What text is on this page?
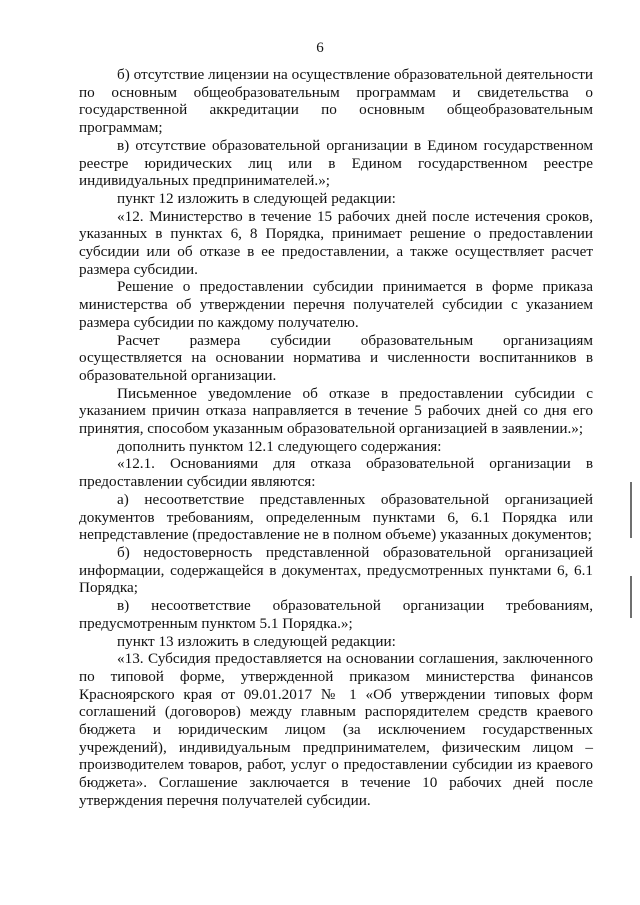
6

б) отсутствие лицензии на осуществление образовательной деятельности по основным общеобразовательным программам и свидетельства о государственной аккредитации по основным общеобразовательным программам;

в) отсутствие образовательной организации в Едином государственном реестре юридических лиц или в Едином государственном реестре индивидуальных предпринимателей.»;

пункт 12 изложить в следующей редакции:

«12. Министерство в течение 15 рабочих дней после истечения сроков, указанных в пунктах 6, 8 Порядка, принимает решение о предоставлении субсидии или об отказе в ее предоставлении, а также осуществляет расчет размера субсидии.

Решение о предоставлении субсидии принимается в форме приказа министерства об утверждении перечня получателей субсидии с указанием размера субсидии по каждому получателю.

Расчет размера субсидии образовательным организациям осуществляется на основании норматива и численности воспитанников в образовательной организации.

Письменное уведомление об отказе в предоставлении субсидии с указанием причин отказа направляется в течение 5 рабочих дней со дня его принятия, способом указанным образовательной организацией в заявлении.»;

дополнить пунктом 12.1 следующего содержания:

«12.1. Основаниями для отказа образовательной организации в предоставлении субсидии являются:

а) несоответствие представленных образовательной организацией документов требованиям, определенным пунктами 6, 6.1 Порядка или непредставление (предоставление не в полном объеме) указанных документов;

б) недостоверность представленной образовательной организацией информации, содержащейся в документах, предусмотренных пунктами 6, 6.1 Порядка;

в) несоответствие образовательной организации требованиям, предусмотренным пунктом 5.1 Порядка.»;

пункт 13 изложить в следующей редакции:

«13. Субсидия предоставляется на основании соглашения, заключенного по типовой форме, утвержденной приказом министерства финансов Красноярского края от 09.01.2017 № 1 «Об утверждении типовых форм соглашений (договоров) между главным распорядителем средств краевого бюджета и юридическим лицом (за исключением государственных учреждений), индивидуальным предпринимателем, физическим лицом – производителем товаров, работ, услуг о предоставлении субсидии из краевого бюджета». Соглашение заключается в течение 10 рабочих дней после утверждения перечня получателей субсидии.
